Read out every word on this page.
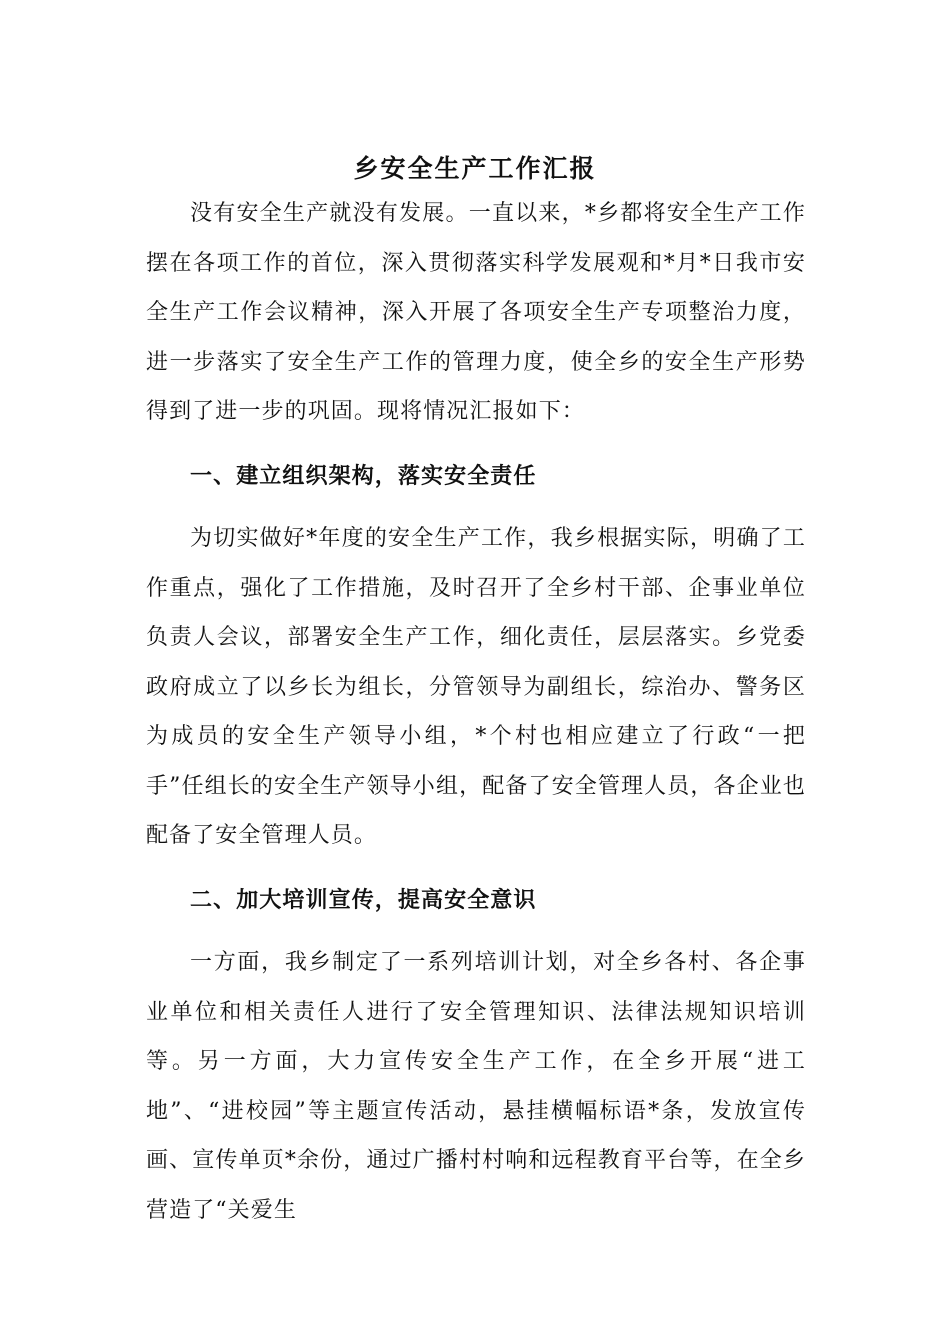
乡安全生产工作汇报

没有安全生产就没有发展。一直以来，*乡都将安全生产工作摆在各项工作的首位，深入贯彻落实科学发展观和*月*日我市安全生产工作会议精神，深入开展了各项安全生产专项整治力度，进一步落实了安全生产工作的管理力度，使全乡的安全生产形势得到了进一步的巩固。现将情况汇报如下：

一、建立组织架构，落实安全责任

为切实做好*年度的安全生产工作，我乡根据实际，明确了工作重点，强化了工作措施，及时召开了全乡村干部、企事业单位负责人会议，部署安全生产工作，细化责任，层层落实。乡党委政府成立了以乡长为组长，分管领导为副组长，综治办、警务区为成员的安全生产领导小组，*个村也相应建立了行政“一把手”任组长的安全生产领导小组，配备了安全管理人员，各企业也配备了安全管理人员。

二、加大培训宣传，提高安全意识

一方面，我乡制定了一系列培训计划，对全乡各村、各企事业单位和相关责任人进行了安全管理知识、法律法规知识培训等。另一方面，大力宣传安全生产工作，在全乡开展“进工地”、“进校园”等主题宣传活动，悬挂横幅标语*条，发放宣传画、宣传单页*余份，通过广播村村响和远程教育平台等，在全乡营造了“关爱生
